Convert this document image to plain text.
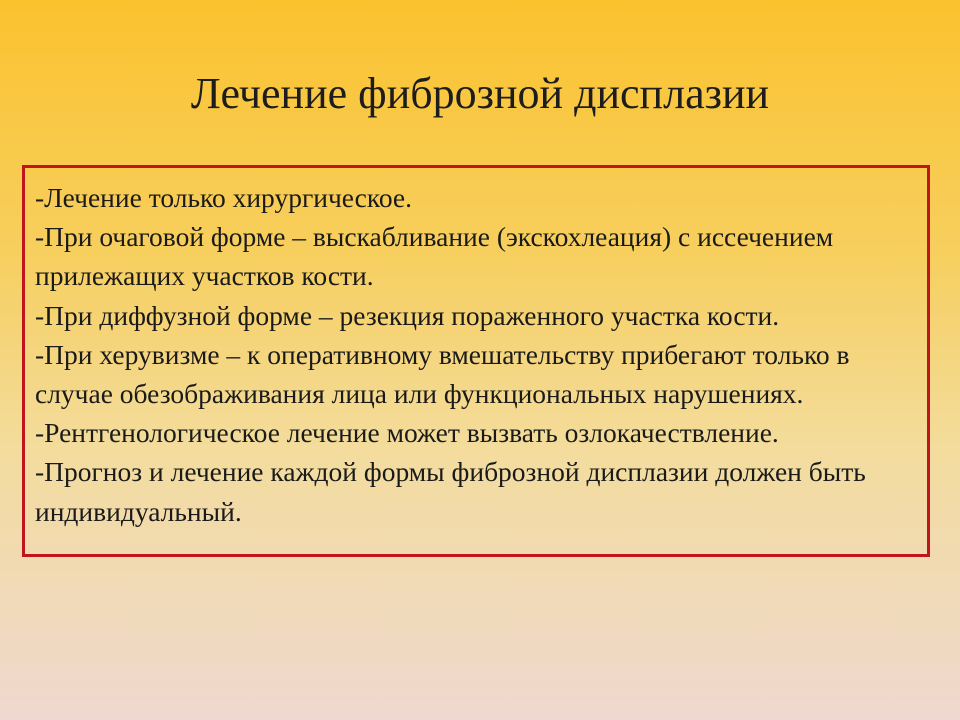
Лечение фиброзной дисплазии

-Лечение только хирургическое.

-При очаговой форме – выскабливание (экскохлеация) с иссечением прилежащих участков кости.

-При диффузной форме – резекция пораженного участка кости.

-При херувизме – к оперативному вмешательству прибегают только в случае обезображивания лица или функциональных нарушениях.

-Рентгенологическое лечение может вызвать озлокачествление.

-Прогноз и лечение каждой формы фиброзной дисплазии должен быть индивидуальный.
